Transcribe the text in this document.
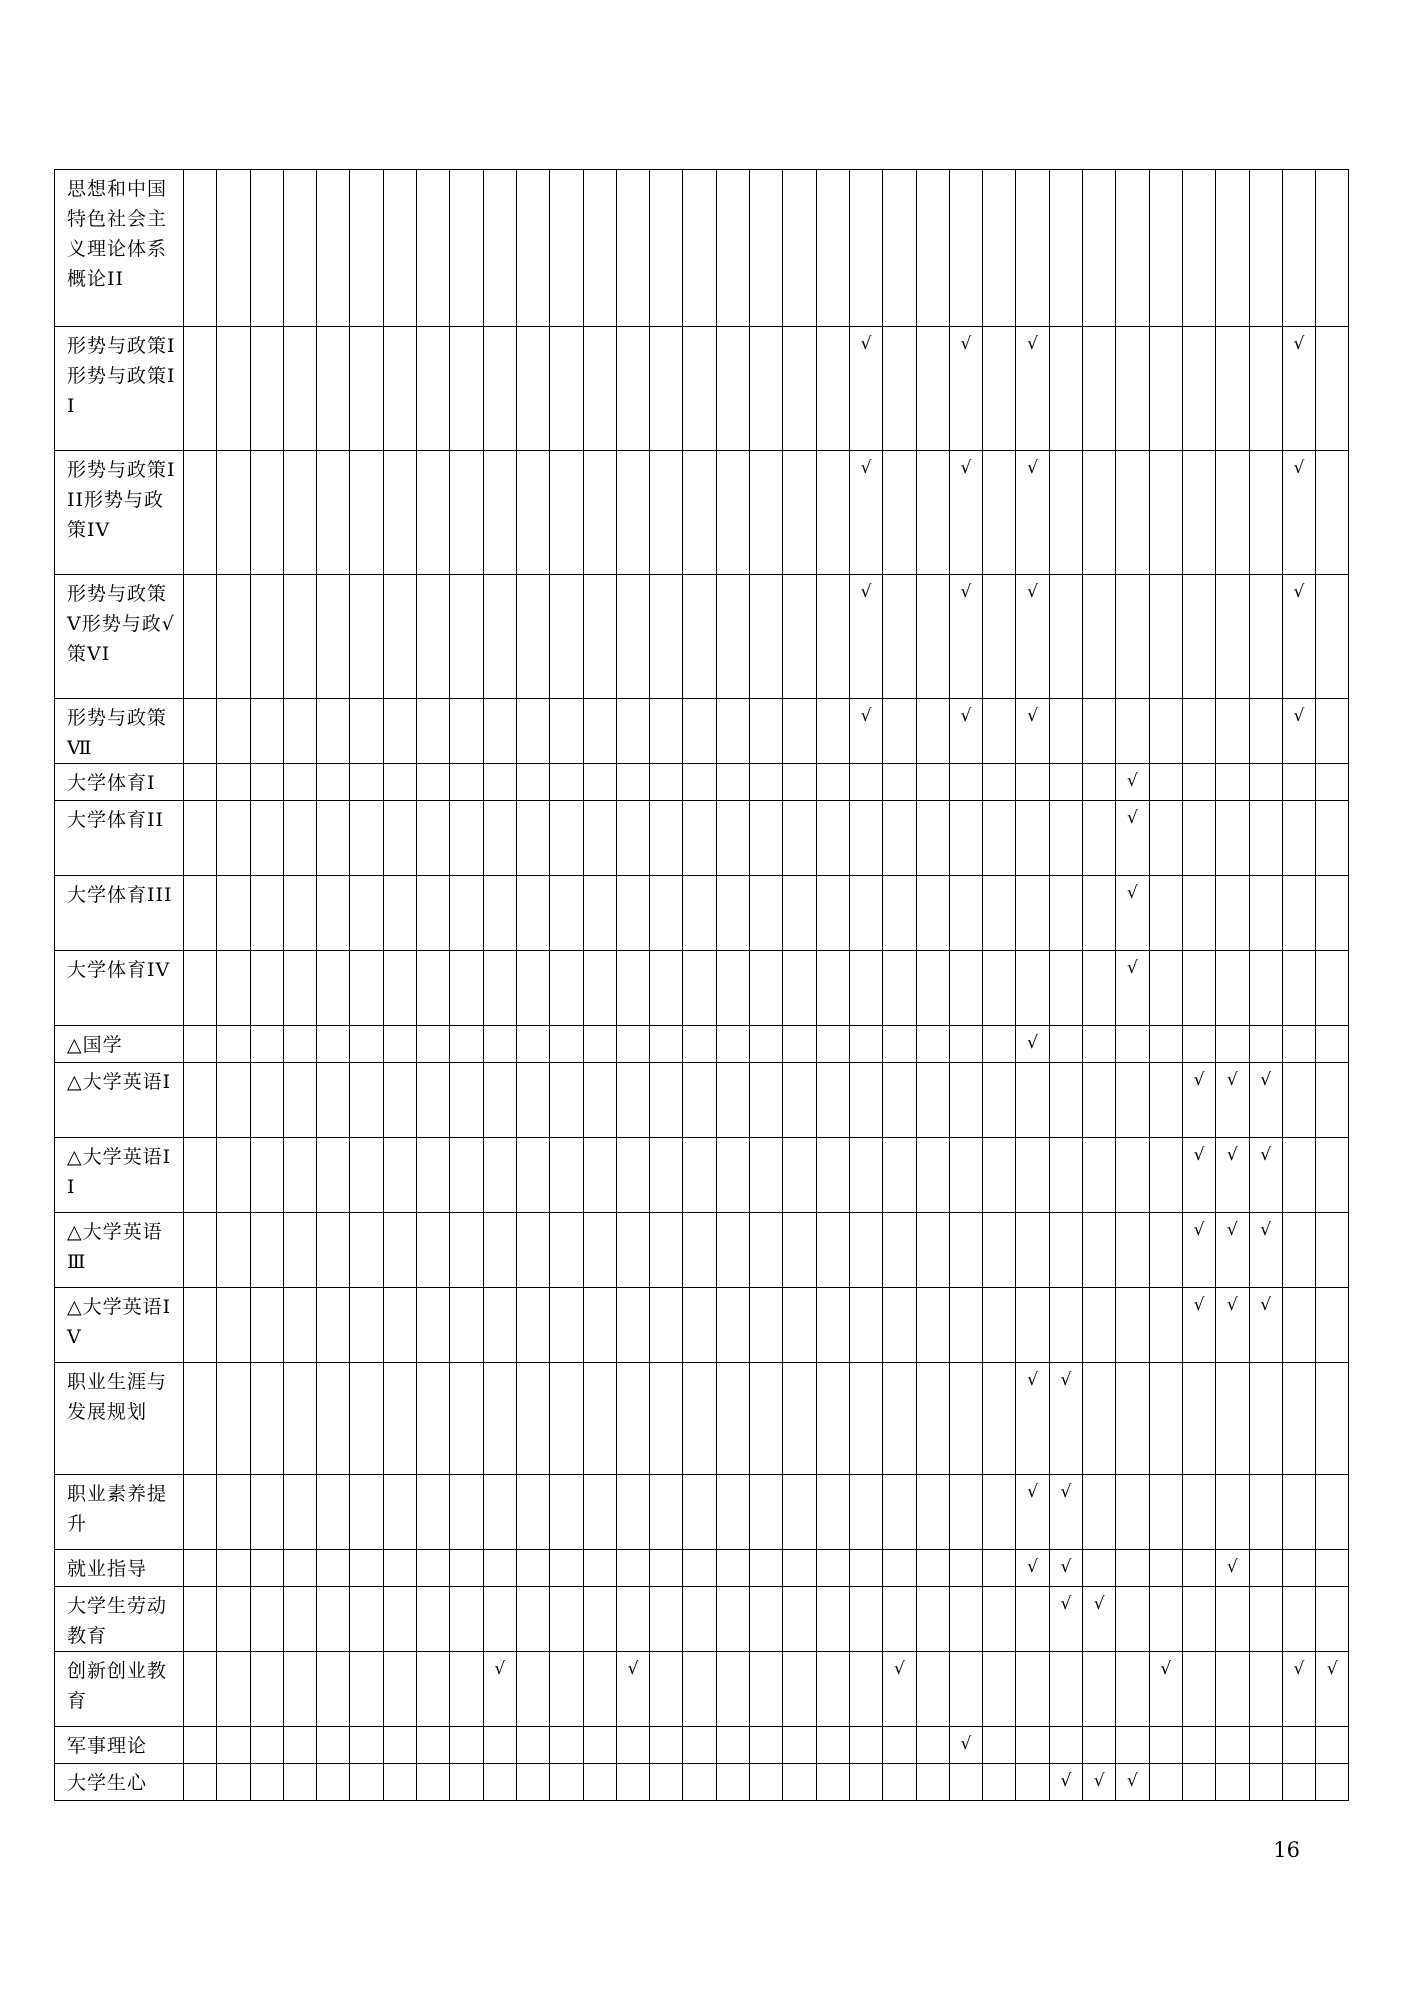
思想和中国特色社会主义理论体系概论II																																			
形势与政策I形势与政策II																					√			√		√								√	
形势与政策III形势与政策IV																					√			√		√								√	
形势与政策V形势与政√策VI																					√			√		√								√	
形势与政策Ⅶ																					√			√		√								√	
大学体育I																													√						
大学体育II																													√						
大学体育III																													√						
大学体育IV																													√						
△国学																										√									
△大学英语I																															√	√	√		
△大学英语II																															√	√	√		
△大学英语Ⅲ																															√	√	√		
△大学英语IV																															√	√	√		
职业生涯与发展规划																										√	√								
职业素养提升																										√	√								
就业指导																										√	√					√			
大学生劳动教育																											√	√							
创新创业教育										√				√								√								√				√	√
军事理论																								√											
大学生心																											√	√	√						
16
